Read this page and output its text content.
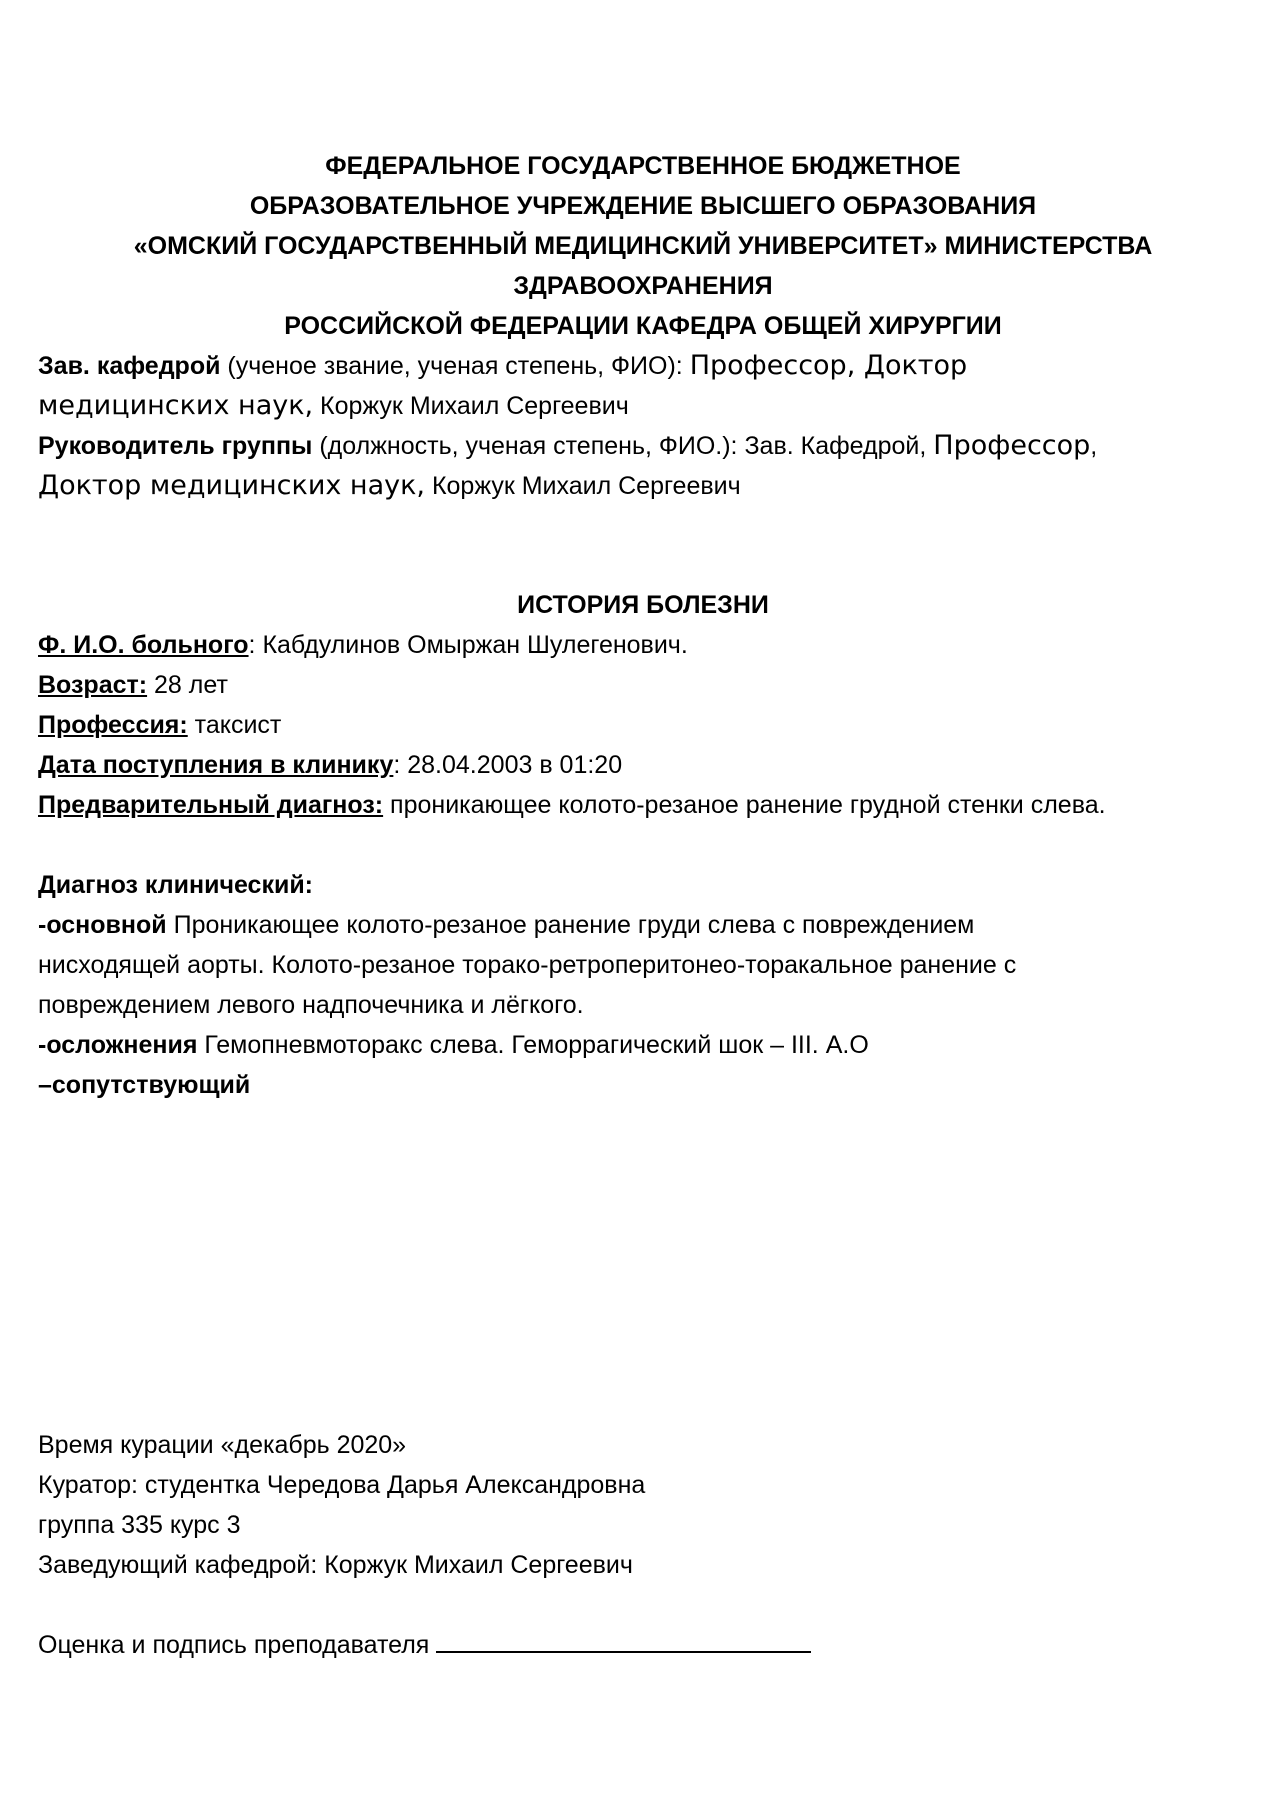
ФЕДЕРАЛЬНОЕ ГОСУДАРСТВЕННОЕ БЮДЖЕТНОЕ
ОБРАЗОВАТЕЛЬНОЕ УЧРЕЖДЕНИЕ ВЫСШЕГО ОБРАЗОВАНИЯ
«ОМСКИЙ ГОСУДАРСТВЕННЫЙ МЕДИЦИНСКИЙ УНИВЕРСИТЕТ» МИНИСТЕРСТВА
ЗДРАВООХРАНЕНИЯ
РОССИЙСКОЙ ФЕДЕРАЦИИ КАФЕДРА ОБЩЕЙ ХИРУРГИИ
Зав. кафедрой (ученое звание, ученая степень, ФИО): Профессор, Доктор
медицинских наук, Коржук Михаил Сергеевич
Руководитель группы (должность, ученая степень, ФИО.): Зав. Кафедрой, Профессор,
Доктор медицинских наук, Коржук Михаил Сергеевич
ИСТОРИЯ БОЛЕЗНИ
Ф. И.О. больного: Кабдулинов Омыржан Шулегенович.
Возраст: 28 лет
Профессия: таксист
Дата поступления в клинику: 28.04.2003 в 01:20
Предварительный диагноз: проникающее колото-резаное ранение грудной стенки слева.
Диагноз клинический:
-основной Проникающее колото-резаное ранение груди слева с повреждением
нисходящей аорты. Колото-резаное торако-ретроперитонео-торакальное ранение с
повреждением левого надпочечника и лёгкого.
-осложнения Гемопневмоторакс слева. Геморрагический шок – III. А.О
–сопутствующий
Время курации «декабрь 2020»
Куратор: студентка Чередова Дарья Александровна
группа 335 курс 3
Заведующий кафедрой: Коржук Михаил Сергеевич
Оценка и подпись преподавателя
